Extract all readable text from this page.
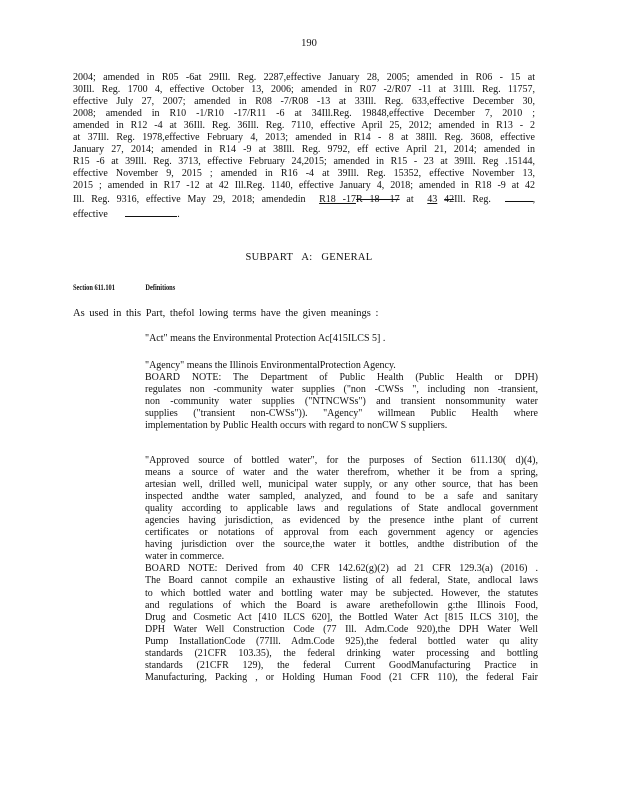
190
2004; amended in R05 -6at 29Ill. Reg. 2287,effective January 28, 2005; amended in R06 - 15 at
30Ill. Reg. 1700 4, effective October 13, 2006; amended in R07 -2/R07 -11 at 31Ill. Reg. 11757,
effective July 27, 2007; amended in R08 -7/R08 -13 at 33Ill. Reg. 633,effective December 30,
2008; amended in R10 -1/R10 -17/R11 -6 at 34Ill.Reg. 19848,effective December 7, 2010 ;
amended in R12 -4 at 36Ill. Reg. 36Ill. Reg. 7110, effective April 25, 2012; amended in R13 - 2
at 37Ill. Reg. 1978,effective February 4, 2013; amended in R14 - 8 at 38Ill. Reg. 3608, effective
January 27, 2014; amended in R14 -9 at 38Ill. Reg. 9792, eff ective April 21, 2014; amended in
R15 -6 at 39Ill. Reg. 3713, effective February 24,2015; amended in R15 - 23 at 39Ill. Reg .15144,
effective November 9, 2015 ; amended in R16 -4 at 39Ill. Reg. 15352, effective November 13,
2015 ; amended in R17 -12 at 42 Ill.Reg. 1140, effective January 4, 2018; amended in R18 -9 at 42
Ill. Reg. 9316, effective May 29, 2018; amendedin R18 -17R 18 -17 at 43 42Ill. Reg.	,
effective	.
SUBPART A: GENERAL
Section 611.101	Definitions
As used in this Part, thefol lowing terms have the given meanings :
"Act" means the Environmental Protection Ac[415ILCS 5] .
"Agency" means the Illinois EnvironmentalProtection Agency.
BOARD NOTE: The Department of Public Health (Public Health or DPH)
regulates non -community water supplies ("non -CWSs ", including non -transient,
non -community water supplies ("NTNCWSs") and transient nonsommunity water
supplies ("transient non-CWSs")). "Agency" willmean Public Health where
implementation by Public Health occurs with regard to nonCW S suppliers.
"Approved source of bottled water", for the purposes of Section 611.130( d)(4),
means a source of water and the water therefrom, whether it be from a spring,
artesian well, drilled well, municipal water supply, or any other source, that has been
inspected andthe water sampled, analyzed, and found to be a safe and sanitary
quality according to applicable laws and regulations of State andlocal government
agencies having jurisdiction, as evidenced by the presence inthe plant of current
certificates or notations of approval from each government agency or agencies
having jurisdiction over the source,the water it bottles, andthe distribution of the
water in commerce.
BOARD NOTE: Derived from 40 CFR 142.62(g)(2) ad 21 CFR 129.3(a) (2016) .
The Board cannot compile an exhaustive listing of all federal, State, andlocal laws
to which bottled water and bottling water may be subjected. However, the statutes
and regulations of which the Board is aware arethefollowin g:the Illinois Food,
Drug and Cosmetic Act [410 ILCS 620], the Bottled Water Act [815 ILCS 310], the
DPH Water Well Construction Code (77 Ill. Adm.Code 920),the DPH Water Well
Pump InstallationCode (77Ill. Adm.Code 925),the federal bottled water qu ality
standards (21CFR 103.35), the federal drinking water processing and bottling
standards (21CFR 129), the federal Current GoodManufacturing Practice in
Manufacturing, Packing , or Holding Human Food (21 CFR 110), the federal Fair
